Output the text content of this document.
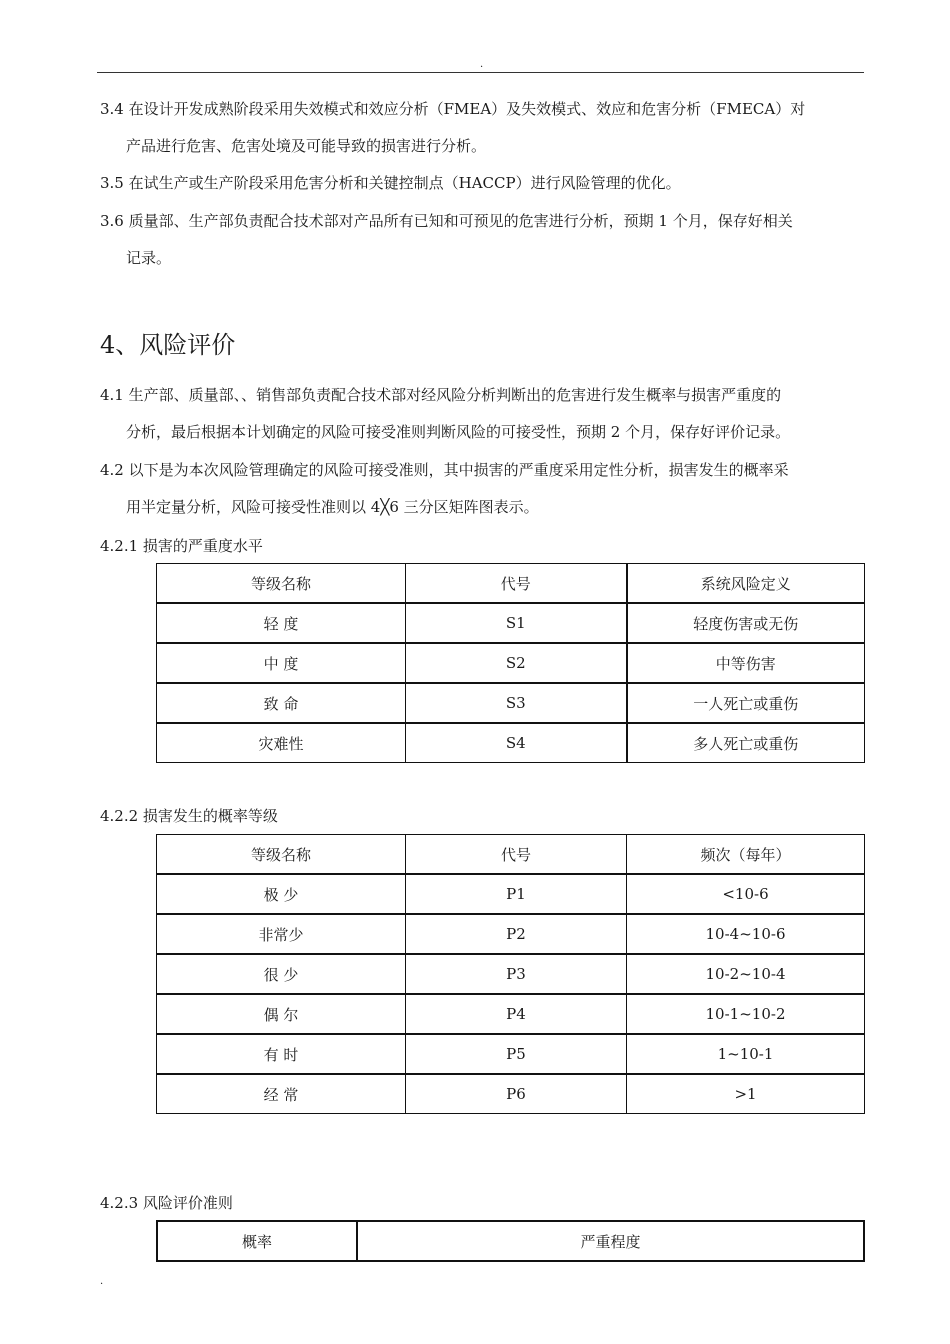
.

3.4 在设计开发成熟阶段采用失效模式和效应分析（FMEA）及失效模式、效应和危害分析（FMECA）对
产品进行危害、危害处境及可能导致的损害进行分析。

3.5 在试生产或生产阶段采用危害分析和关键控制点（HACCP）进行风险管理的优化。

3.6 质量部、生产部负责配合技术部对产品所有已知和可预见的危害进行分析，预期 1 个月，保存好相关
记录。

4、风险评价

4.1 生产部、质量部、、销售部负责配合技术部对经风险分析判断出的危害进行发生概率与损害严重度的
分析，最后根据本计划确定的风险可接受准则判断风险的可接受性，预期 2 个月，保存好评价记录。

4.2 以下是为本次风险管理确定的风险可接受准则，其中损害的严重度采用定性分析，损害发生的概率采
用半定量分析，风险可接受性准则以 4╳6 三分区矩阵图表示。

4.2.1 损害的严重度水平

等级名称	代号	系统风险定义
轻 度	S1	轻度伤害或无伤
中 度	S2	中等伤害
致 命	S3	一人死亡或重伤
灾难性	S4	多人死亡或重伤

4.2.2 损害发生的概率等级

等级名称	代号	频次（每年）
极 少	P1	<10-6
非常少	P2	10-4~10-6
很 少	P3	10-2~10-4
偶 尔	P4	10-1~10-2
有 时	P5	1~10-1
经 常	P6	>1

4.2.3 风险评价准则

概率	严重程度
.
